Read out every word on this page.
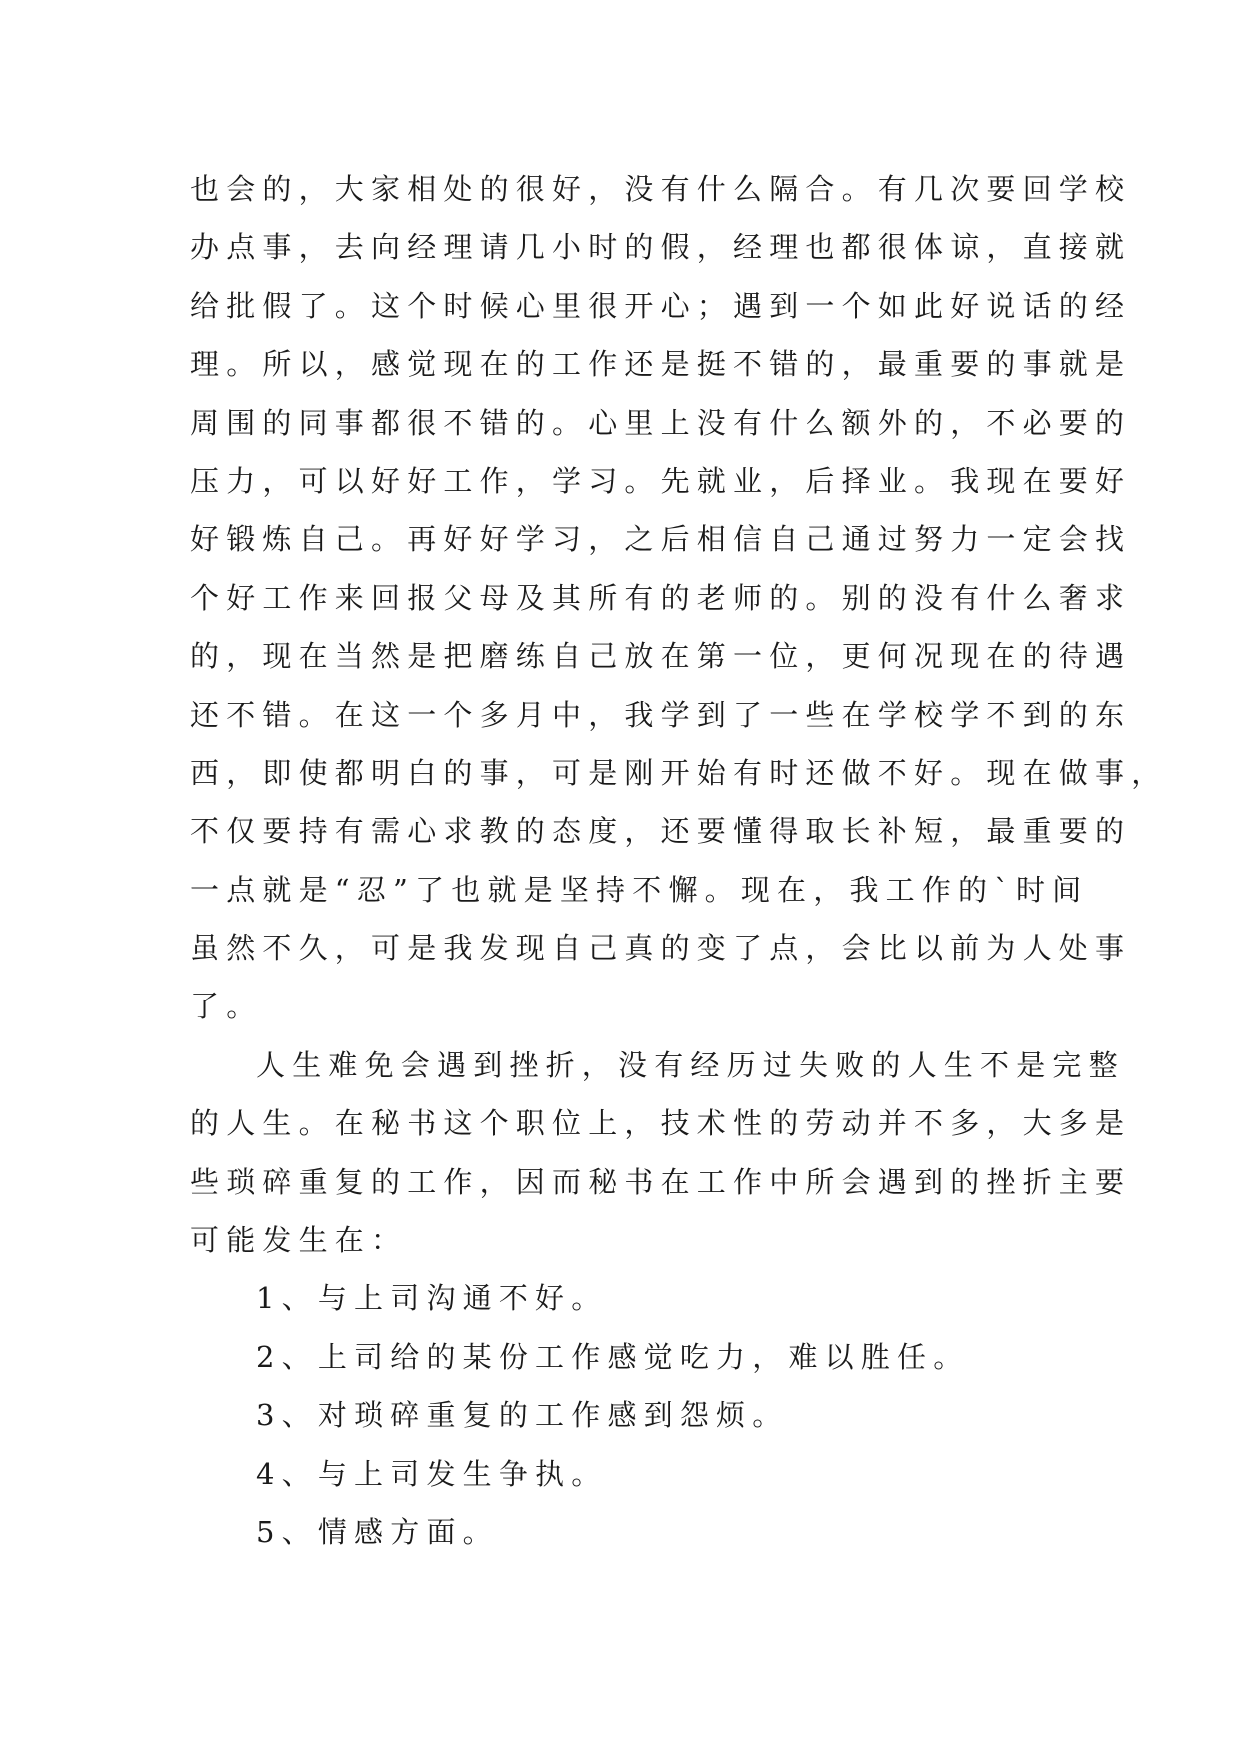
也会的，大家相处的很好，没有什么隔合。有几次要回学校
办点事，去向经理请几小时的假，经理也都很体谅，直接就
给批假了。这个时候心里很开心；遇到一个如此好说话的经
理。所以，感觉现在的工作还是挺不错的，最重要的事就是
周围的同事都很不错的。心里上没有什么额外的，不必要的
压力，可以好好工作，学习。先就业，后择业。我现在要好
好锻炼自己。再好好学习，之后相信自己通过努力一定会找
个好工作来回报父母及其所有的老师的。别的没有什么奢求
的，现在当然是把磨练自己放在第一位，更何况现在的待遇
还不错。在这一个多月中，我学到了一些在学校学不到的东
西，即使都明白的事，可是刚开始有时还做不好。现在做事，
不仅要持有需心求教的态度，还要懂得取长补短，最重要的
一点就是“忍”了也就是坚持不懈。现在，我工作的`时间
虽然不久，可是我发现自己真的变了点，会比以前为人处事
了。
人生难免会遇到挫折，没有经历过失败的人生不是完整
的人生。在秘书这个职位上，技术性的劳动并不多，大多是
些琐碎重复的工作，因而秘书在工作中所会遇到的挫折主要
可能发生在：
1、与上司沟通不好。
2、上司给的某份工作感觉吃力，难以胜任。
3、对琐碎重复的工作感到怨烦。
4、与上司发生争执。
5、情感方面。
